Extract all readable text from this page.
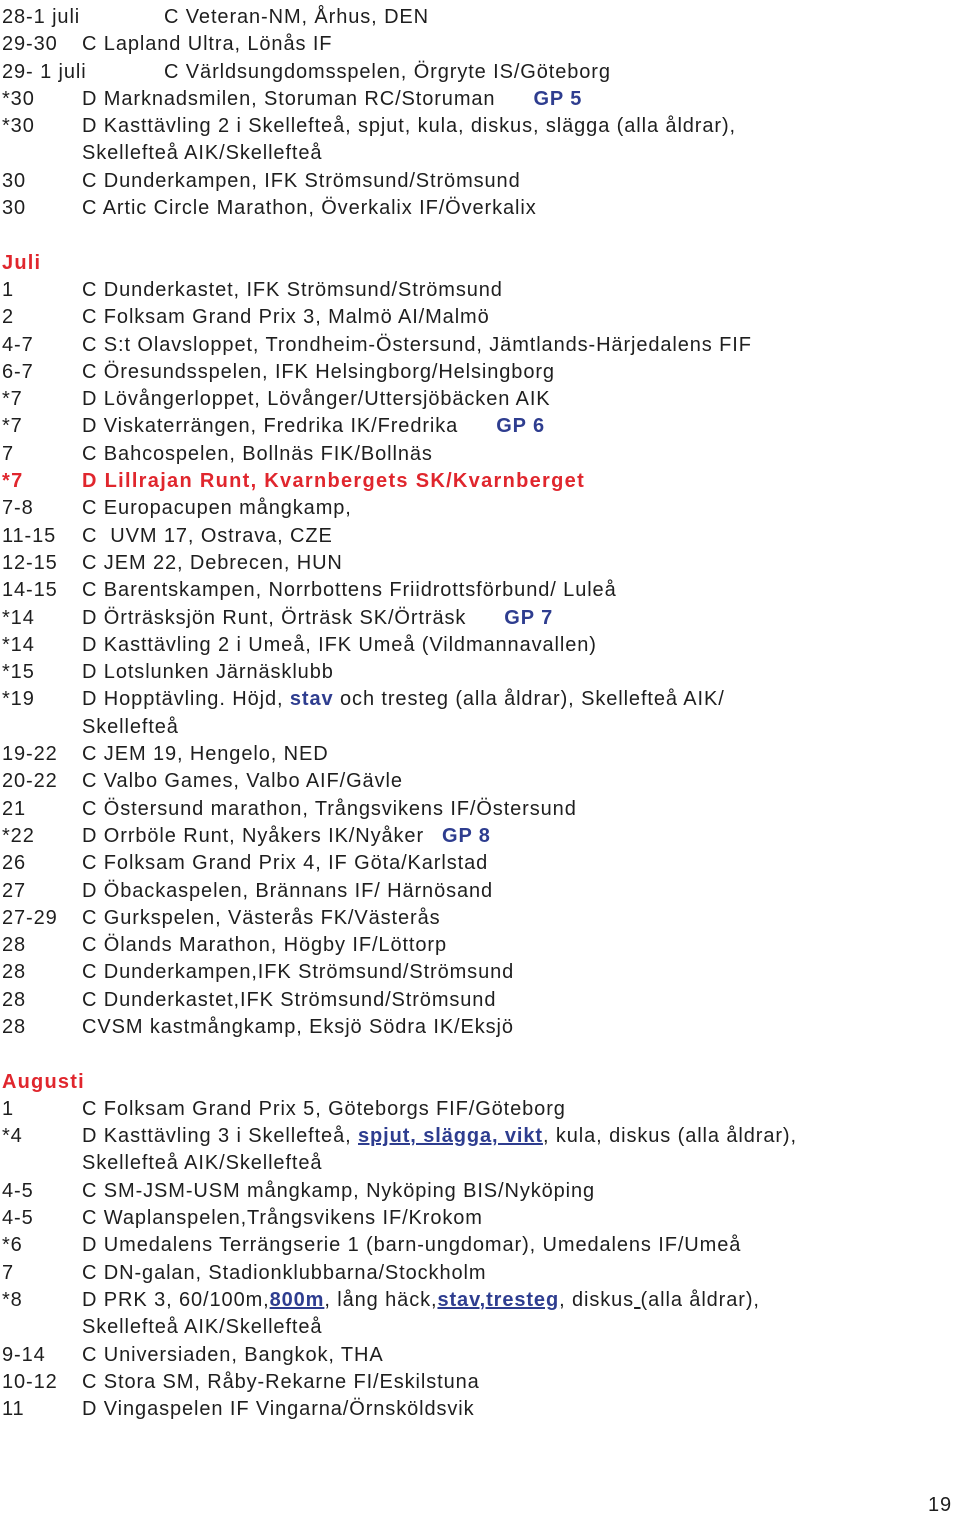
28-1 juli	C Veteran-NM, Århus, DEN
29-30 C Lapland Ultra, Lönås IF
29- 1 juli	C Världsungdomsspelen, Örgryte IS/Göteborg
*30 D Marknadsmilen, Storuman RC/Storuman GP 5
*30 D Kasttävling 2 i Skellefteå, spjut, kula, diskus, slägga (alla åldrar),
Skellefteå AIK/Skellefteå
30	C Dunderkampen, IFK Strömsund/Strömsund
30	C Artic Circle Marathon, Överkalix IF/Överkalix
Juli
1	C Dunderkastet, IFK Strömsund/Strömsund
2	C Folksam Grand Prix 3, Malmö AI/Malmö
4-7 C S:t Olavsloppet, Trondheim-Östersund, Jämtlands-Härjedalens FIF
6-7 C Öresundsspelen, IFK Helsingborg/Helsingborg
*7	D Lövångerloppet, Lövånger/Uttersjöbäcken AIK
*7	D Viskaterrängen, Fredrika IK/Fredrika GP 6
7	C Bahcospelen, Bollnäs FIK/Bollnäs
*7	D Lillrajan Runt, Kvarnbergets SK/Kvarnberget
7-8 C Europacupen mångkamp,
11-15 C  UVM 17, Ostrava, CZE
12-15 C JEM 22, Debrecen, HUN
14-15 C Barentskampen, Norrbottens Friidrottsförbund/ Luleå
*14 D Örträsksjön Runt, Örträsk SK/Örträsk GP 7
*14 D Kasttävling 2 i Umeå, IFK Umeå (Vildmannavallen)
*15 D Lotslunken Järnäsklubb
*19 D Hopptävling. Höjd, stav och tresteg (alla åldrar), Skellefteå AIK/
Skellefteå
19-22 C JEM 19, Hengelo, NED
20-22 C Valbo Games, Valbo AIF/Gävle
21	C Östersund marathon, Trångsvikens IF/Östersund
*22 D Orrböle Runt, Nyåkers IK/Nyåker GP 8
26	C Folksam Grand Prix 4, IF Göta/Karlstad
27	D Öbackaspelen, Brännans IF/ Härnösand
27-29 C Gurkspelen, Västerås FK/Västerås
28	C Ölands Marathon, Högby IF/Löttorp
28	C Dunderkampen,IFK Strömsund/Strömsund
28	C Dunderkastet,IFK Strömsund/Strömsund
28	CVSM kastmångkamp, Eksjö Södra IK/Eksjö
Augusti
1	C Folksam Grand Prix 5, Göteborgs FIF/Göteborg
*4	D Kasttävling 3 i Skellefteå, spjut, slägga, vikt, kula, diskus (alla åldrar),
Skellefteå AIK/Skellefteå
4-5 C SM-JSM-USM mångkamp, Nyköping BIS/Nyköping
4-5 C Waplanspelen,Trångsvikens IF/Krokom
*6	D Umedalens Terrängserie 1 (barn-ungdomar), Umedalens IF/Umeå
7	C DN-galan, Stadionklubbarna/Stockholm
*8	D PRK 3, 60/100m,800m, lång häck,stav,tresteg, diskus (alla åldrar),
Skellefteå AIK/Skellefteå
9-14 C Universiaden, Bangkok, THA
10-12 C Stora SM, Råby-Rekarne FI/Eskilstuna
11	D Vingaspelen IF Vingarna/Örnsköldsvik
19
